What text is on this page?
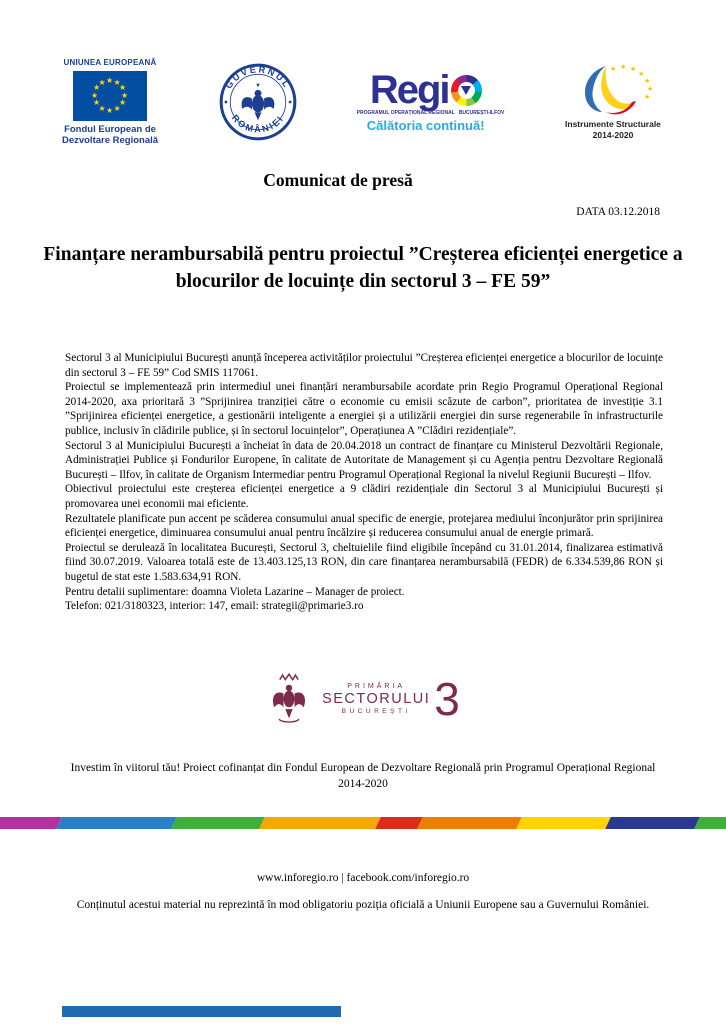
UNIUNEA EUROPEANĂ
★ ★
★
★
★
★
★
★
★
★
★
★
Fondul European de
Dezvoltare Regională
GUVERNUL
ROMÂNIEI
Regi
PROGRAMUL OPERAȚIONAL REGIONAL BUCUREȘTI-ILFOV
Călătoria continuă!
★ ★ ★
★
★
★
★
Instrumente Structurale
2014-2020
Comunicat de presă
DATA 03.12.2018
Finanțare nerambursabilă pentru proiectul ”Creșterea eficienței energetice a blocurilor de locuințe din sectorul 3 – FE 59”

Sectorul 3 al Municipiului București anunță începerea activităților proiectului ”Creșterea eficienței energetice a blocurilor de locuințe din sectorul 3 – FE 59” Cod SMIS 117061.

Proiectul se implementează prin intermediul unei finanțări nerambursabile acordate prin Regio Programul Operațional Regional 2014-2020, axa prioritară 3 ”Sprijinirea tranziției către o economie cu emisii scăzute de carbon”, prioritatea de investiție 3.1 ”Sprijinirea eficienței energetice, a gestionării inteligente a energiei și a utilizării energiei din surse regenerabile în infrastructurile publice, inclusiv în clădirile publice, și în sectorul locuințelor”, Operațiunea A ”Clădiri rezidențiale”.

Sectorul 3 al Municipiului București a încheiat în data de 20.04.2018 un contract de finanțare cu Ministerul Dezvoltării Regionale, Administrației Publice și Fondurilor Europene, în calitate de Autoritate de Management și cu Agenția pentru Dezvoltare Regională București – Ilfov, în calitate de Organism Intermediar pentru Programul Operațional Regional la nivelul Regiunii București – Ilfov.

Obiectivul proiectului este creșterea eficienței energetice a 9 clădiri rezidențiale din Sectorul 3 al Municipiului București și promovarea unei economii mai eficiente.

Rezultatele planificate pun accent pe scăderea consumului anual specific de energie, protejarea mediului înconjurător prin sprijinirea eficienței energetice, diminuarea consumului anual pentru încălzire și reducerea consumului anual de energie primară.

Proiectul se derulează în localitatea București, Sectorul 3, cheltuielile fiind eligibile începând cu 31.01.2014, finalizarea estimativă fiind 30.07.2019. Valoarea totală este de 13.403.125,13 RON, din care finanțarea nerambursabilă (FEDR) de 6.334.539,86 RON și bugetul de stat este 1.583.634,91 RON.

Pentru detalii suplimentare: doamna Violeta Lazarine – Manager de proiect.

Telefon: 021/3180323, interior: 147, email: strategii@primarie3.ro

PRIMĂRIA
SECTORULUI
BUCUREȘTI 3
Investim în viitorul tău! Proiect cofinanțat din Fondul European de Dezvoltare Regională prin Programul Operațional Regional 2014-2020
www.inforegio.ro | facebook.com/inforegio.ro
Conținutul acestui material nu reprezintă în mod obligatoriu poziția oficială a Uniunii Europene sau a Guvernului României.
